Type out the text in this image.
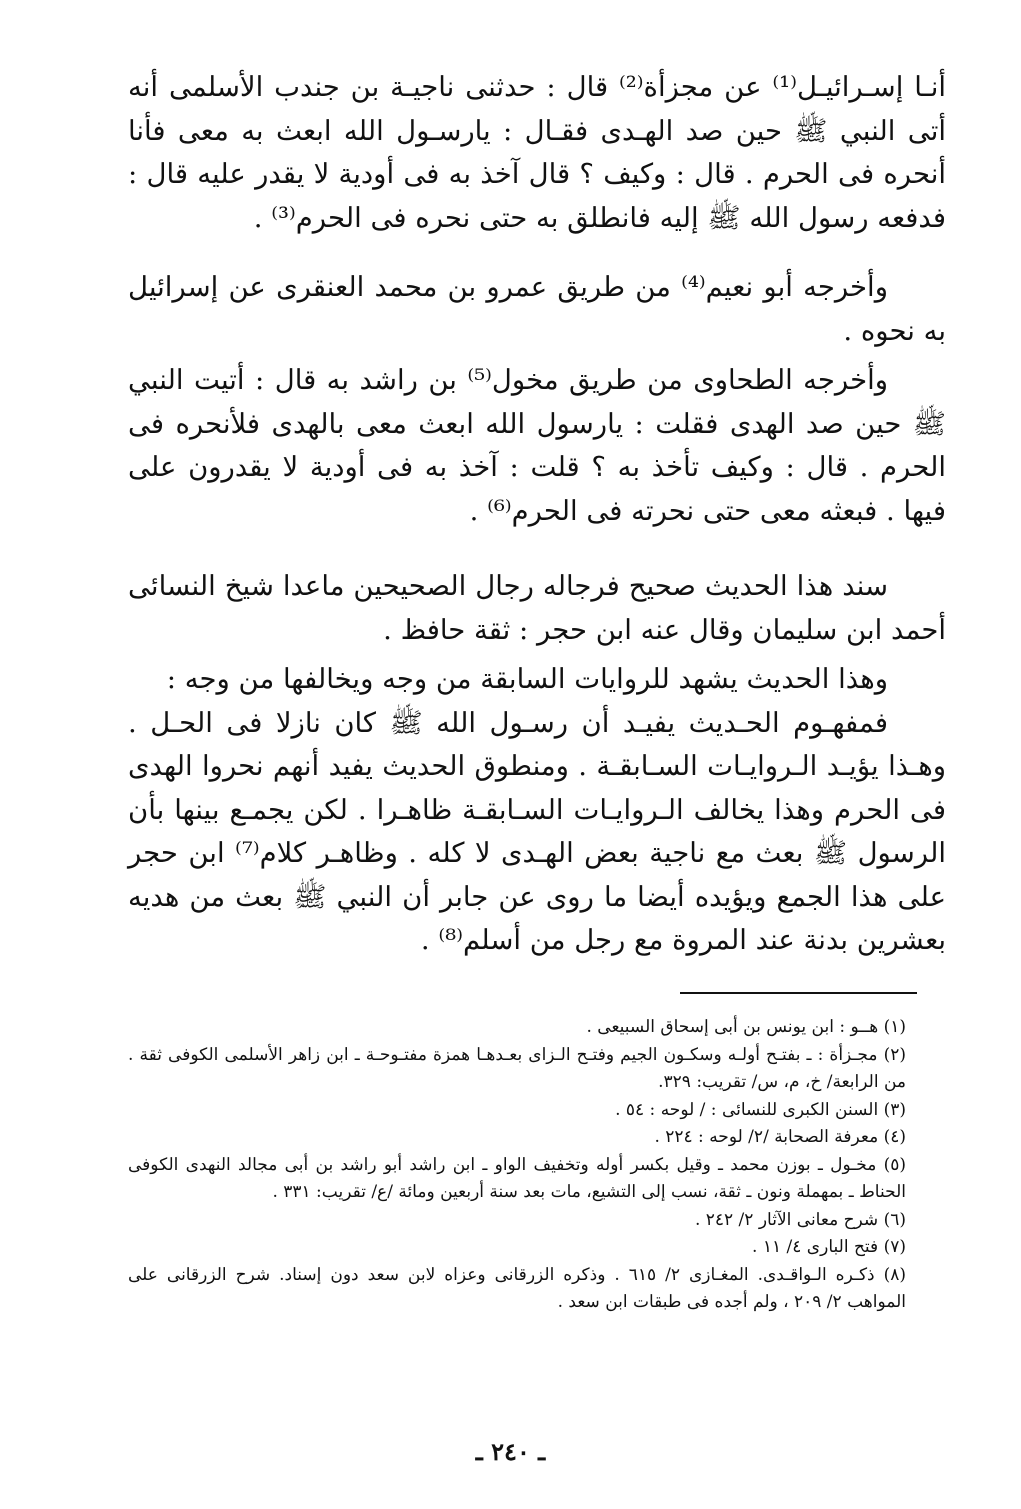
أنـا إسـرائيـل⁽¹⁾ عن مجزأة⁽²⁾ قال : حدثنى ناجيـة بن جندب الأسلمى أنه أتى النبي ﷺ حين صد الهـدى فقـال : يارسـول الله ابعث به معى فأنا أنحره فى الحرم . قال : وكيف ؟ قال آخذ به فى أودية لا يقدر عليه قال : فدفعه رسول الله ﷺ إليه فانطلق به حتى نحره فى الحرم⁽³⁾ .

وأخرجه أبو نعيم⁽⁴⁾ من طريق عمرو بن محمد العنقرى عن إسرائيل به نحوه .

وأخرجه الطحاوى من طريق مخول⁽⁵⁾ بن راشد به قال : أتيت النبي ﷺ حين صد الهدى فقلت : يارسول الله ابعث معى بالهدى فلأنحره فى الحرم . قال : وكيف تأخذ به ؟ قلت : آخذ به فى أودية لا يقدرون على فيها . فبعثه معى حتى نحرته فى الحرم⁽⁶⁾ .

سند هذا الحديث صحيح فرجاله رجال الصحيحين ماعدا شيخ النسائى أحمد ابن سليمان وقال عنه ابن حجر : ثقة حافظ .

وهذا الحديث يشهد للروايات السابقة من وجه ويخالفها من وجه :

فمفهـوم الحـديث يفيـد أن رسـول الله ﷺ كان نازلا فى الحـل . وهـذا يؤيـد الـروايـات السـابقـة . ومنطوق الحديث يفيد أنهم نحروا الهدى فى الحرم وهذا يخالف الـروايـات السـابقـة ظاهـرا . لكن يجمـع بينها بأن الرسول ﷺ بعث مع ناجية بعض الهـدى لا كله . وظاهـر كلام⁽⁷⁾ ابن حجر على هذا الجمع ويؤيده أيضا ما روى عن جابر أن النبي ﷺ بعث من هديه بعشرين بدنة عند المروة مع رجل من أسلم⁽⁸⁾ .

(١) هــو : ابن يونس بن أبى إسحاق السبيعى .

(٢) مجـزأة : ـ بفتـح أولـه وسكـون الجيم وفتـح الـزاى بعـدهـا همزة مفتـوحـة ـ ابن زاهر الأسلمى الكوفى ثقة . من الرابعة/ خ، م، س/ تقريب: ٣٢٩.

(٣) السنن الكبرى للنسائى : / لوحه : ٥٤ .

(٤) معرفة الصحابة /٢/ لوحه : ٢٢٤ .

(٥) مخـول ـ بوزن محمد ـ وقيل بكسر أوله وتخفيف الواو ـ ابن راشد أبو راشد بن أبى مجالد النهدى الكوفى الحناط ـ بمهملة ونون ـ ثقة، نسب إلى التشيع، مات بعد سنة أربعين ومائة /ع/ تقريب: ٣٣١ .

(٦) شرح معانى الآثار ٢/ ٢٤٢ .

(٧) فتح البارى ٤/ ١١ .

(٨) ذكـره الـواقـدى. المغـازى ٢/ ٦١٥ . وذكره الزرقانى وعزاه لابن سعد دون إسناد. شرح الزرقانى على المواهب ٢/ ٢٠٩ ، ولم أجده فى طبقات ابن سعد .

ـ ٢٤٠ ـ
